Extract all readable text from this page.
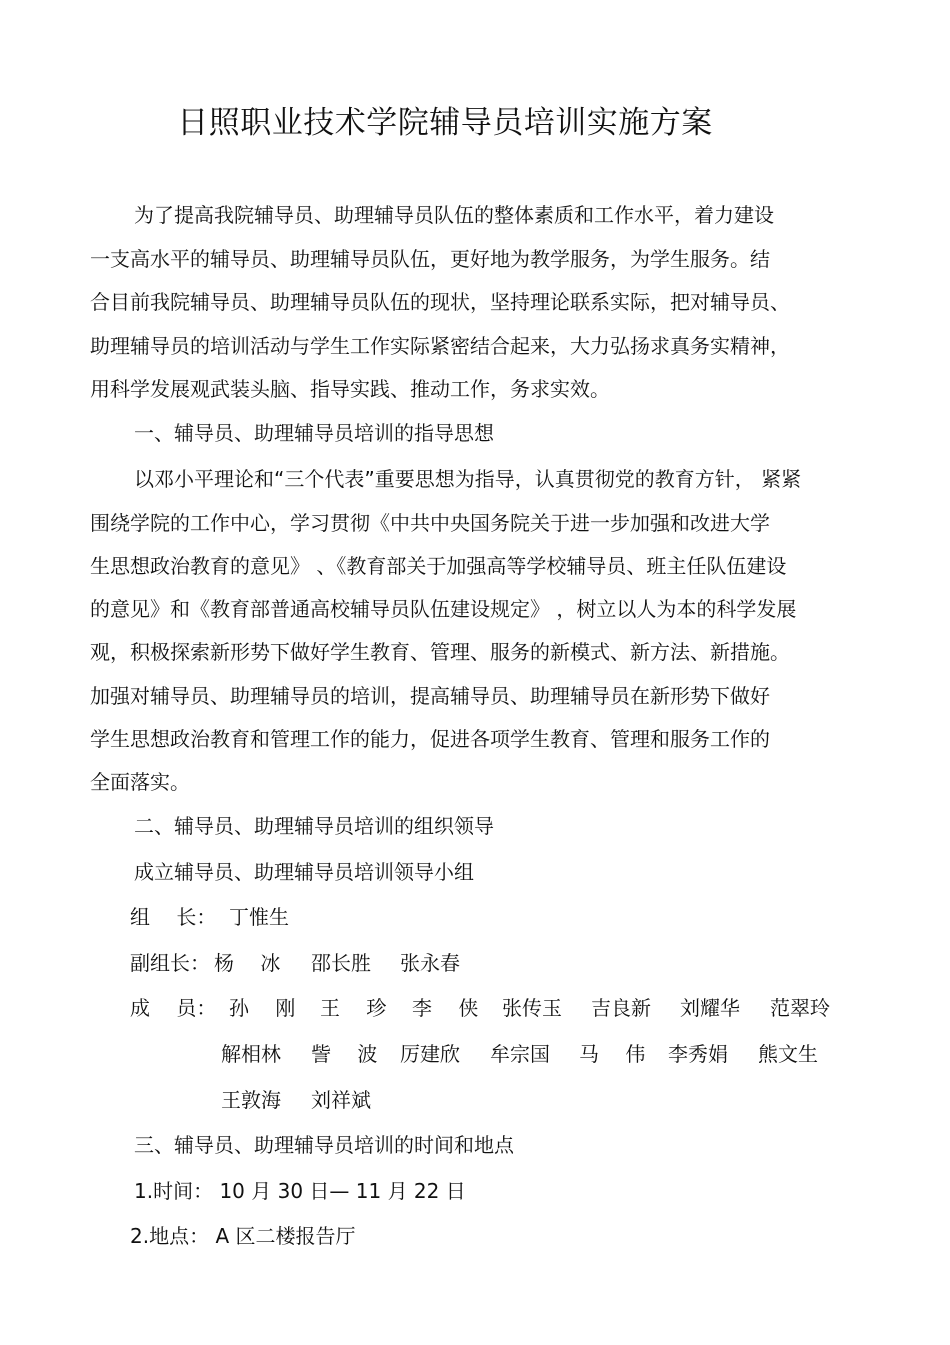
日照职业技术学院辅导员培训实施方案
为了提高我院辅导员、助理辅导员队伍的整体素质和工作水平，着力建设
一支高水平的辅导员、助理辅导员队伍，更好地为教学服务，为学生服务。结
合目前我院辅导员、助理辅导员队伍的现状，坚持理论联系实际，把对辅导员、
助理辅导员的培训活动与学生工作实际紧密结合起来，大力弘扬求真务实精神，
用科学发展观武装头脑、指导实践、推动工作，务求实效。
一、辅导员、助理辅导员培训的指导思想
以邓小平理论和“三个代表”重要思想为指导，认真贯彻党的教育方针， 紧紧
围绕学院的工作中心，学习贯彻《中共中央国务院关于进一步加强和改进大学
生思想政治教育的意见》 、《教育部关于加强高等学校辅导员、班主任队伍建设
的意见》和《教育部普通高校辅导员队伍建设规定》 ，树立以人为本的科学发展
观，积极探索新形势下做好学生教育、管理、服务的新模式、新方法、新措施。
加强对辅导员、助理辅导员的培训，提高辅导员、助理辅导员在新形势下做好
学生思想政治教育和管理工作的能力，促进各项学生教育、管理和服务工作的
全面落实。
二、辅导员、助理辅导员培训的组织领导
成立辅导员、助理辅导员培训领导小组
组　 长： 丁惟生
副组长： 杨　 冰 邵长胜 张永春
成　 员： 孙　 刚 王　 珍 李　 侠 张传玉 吉良新 刘耀华 范翠玲
解相林 訾　 波 厉建欣 牟宗国 马　 伟 李秀娟 熊文生
王敦海 刘祥斌
三、辅导员、助理辅导员培训的时间和地点
1.时间： 10 月 30 日— 11 月 22 日
2.地点： A 区二楼报告厅
